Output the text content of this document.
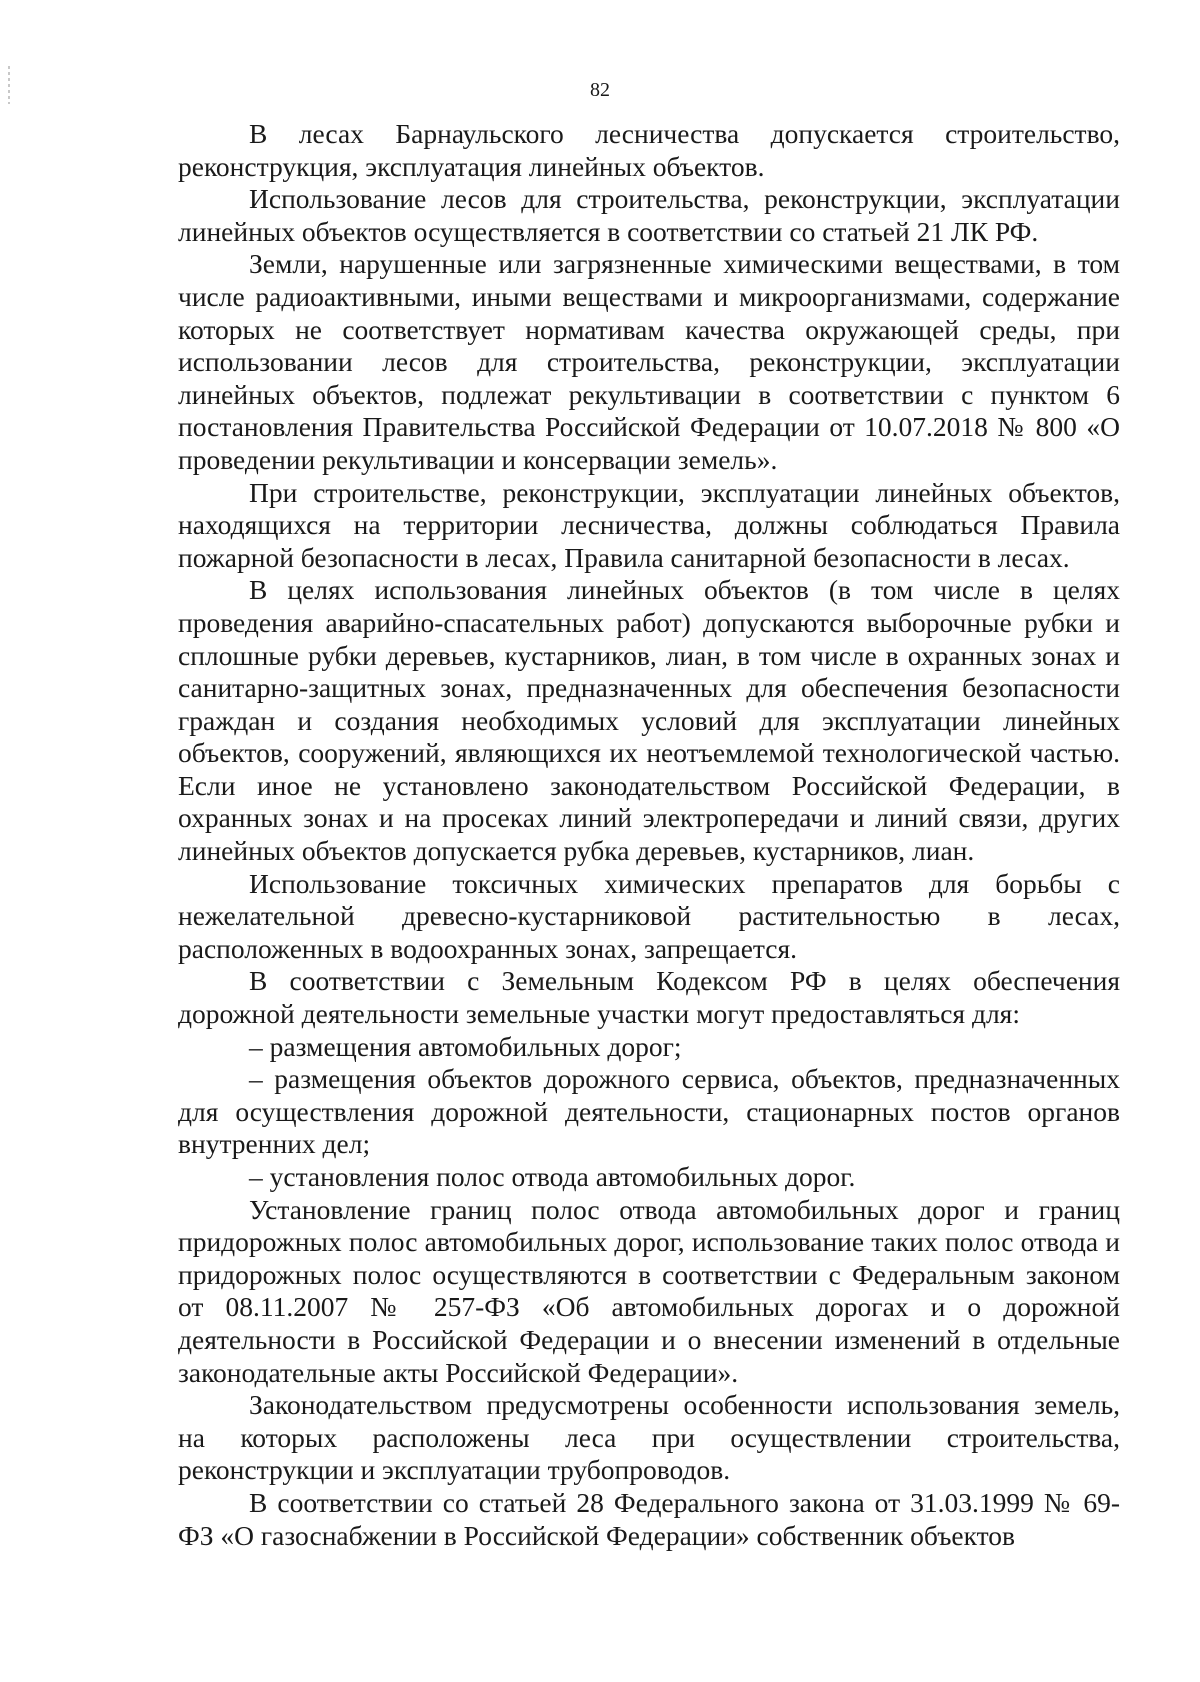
82

В лесах Барнаульского лесничества допускается строительство, реконструкция, эксплуатация линейных объектов.

Использование лесов для строительства, реконструкции, эксплуатации линейных объектов осуществляется в соответствии со статьей 21 ЛК РФ.

Земли, нарушенные или загрязненные химическими веществами, в том числе радиоактивными, иными веществами и микроорганизмами, содержание которых не соответствует нормативам качества окружающей среды, при использовании лесов для строительства, реконструкции, эксплуатации линейных объектов, подлежат рекультивации в соответствии с пунктом 6 постановления Правительства Российской Федерации от 10.07.2018 № 800 «О проведении рекультивации и консервации земель».

При строительстве, реконструкции, эксплуатации линейных объектов, находящихся на территории лесничества, должны соблюдаться Правила пожарной безопасности в лесах, Правила санитарной безопасности в лесах.

В целях использования линейных объектов (в том числе в целях проведения аварийно-спасательных работ) допускаются выборочные рубки и сплошные рубки деревьев, кустарников, лиан, в том числе в охранных зонах и санитарно-защитных зонах, предназначенных для обеспечения безопасности граждан и создания необходимых условий для эксплуатации линейных объектов, сооружений, являющихся их неотъемлемой технологической частью. Если иное не установлено законодательством Российской Федерации, в охранных зонах и на просеках линий электропередачи и линий связи, других линейных объектов допускается рубка деревьев, кустарников, лиан.

Использование токсичных химических препаратов для борьбы с нежелательной древесно-кустарниковой растительностью в лесах, расположенных в водоохранных зонах, запрещается.

В соответствии с Земельным Кодексом РФ в целях обеспечения дорожной деятельности земельные участки могут предоставляться для:

– размещения автомобильных дорог;

– размещения объектов дорожного сервиса, объектов, предназначенных для осуществления дорожной деятельности, стационарных постов органов внутренних дел;

– установления полос отвода автомобильных дорог.

Установление границ полос отвода автомобильных дорог и границ придорожных полос автомобильных дорог, использование таких полос отвода и придорожных полос осуществляются в соответствии с Федеральным законом от 08.11.2007 № 257-ФЗ «Об автомобильных дорогах и о дорожной деятельности в Российской Федерации и о внесении изменений в отдельные законодательные акты Российской Федерации».

Законодательством предусмотрены особенности использования земель, на которых расположены леса при осуществлении строительства, реконструкции и эксплуатации трубопроводов.

В соответствии со статьей 28 Федерального закона от 31.03.1999 № 69-ФЗ «О газоснабжении в Российской Федерации» собственник объектов
